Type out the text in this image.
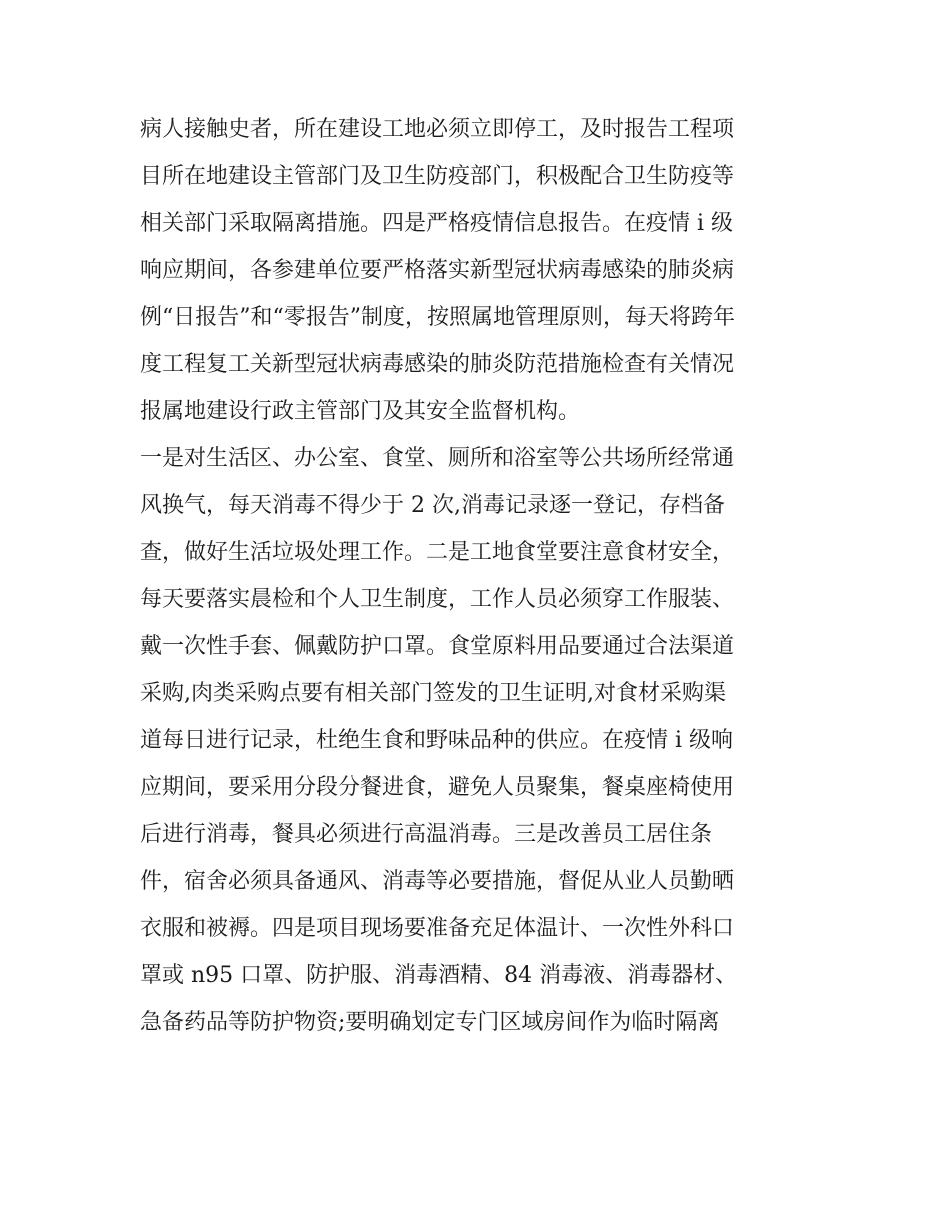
病人接触史者，所在建设工地必须立即停工，及时报告工程项
目所在地建设主管部门及卫生防疫部门，积极配合卫生防疫等
相关部门采取隔离措施。四是严格疫情信息报告。在疫情 i 级
响应期间，各参建单位要严格落实新型冠状病毒感染的肺炎病
例“日报告”和“零报告”制度，按照属地管理原则，每天将跨年
度工程复工关新型冠状病毒感染的肺炎防范措施检查有关情况
报属地建设行政主管部门及其安全监督机构。
一是对生活区、办公室、食堂、厕所和浴室等公共场所经常通
风换气，每天消毒不得少于 2 次,消毒记录逐一登记，存档备
查，做好生活垃圾处理工作。二是工地食堂要注意食材安全，
每天要落实晨检和个人卫生制度，工作人员必须穿工作服装、
戴一次性手套、佩戴防护口罩。食堂原料用品要通过合法渠道
采购,肉类采购点要有相关部门签发的卫生证明,对食材采购渠
道每日进行记录，杜绝生食和野味品种的供应。在疫情 i 级响
应期间，要采用分段分餐进食，避免人员聚集，餐桌座椅使用
后进行消毒，餐具必须进行高温消毒。三是改善员工居住条
件，宿舍必须具备通风、消毒等必要措施，督促从业人员勤晒
衣服和被褥。四是项目现场要准备充足体温计、一次性外科口
罩或 n95 口罩、防护服、消毒酒精、84 消毒液、消毒器材、
急备药品等防护物资;要明确划定专门区域房间作为临时隔离
